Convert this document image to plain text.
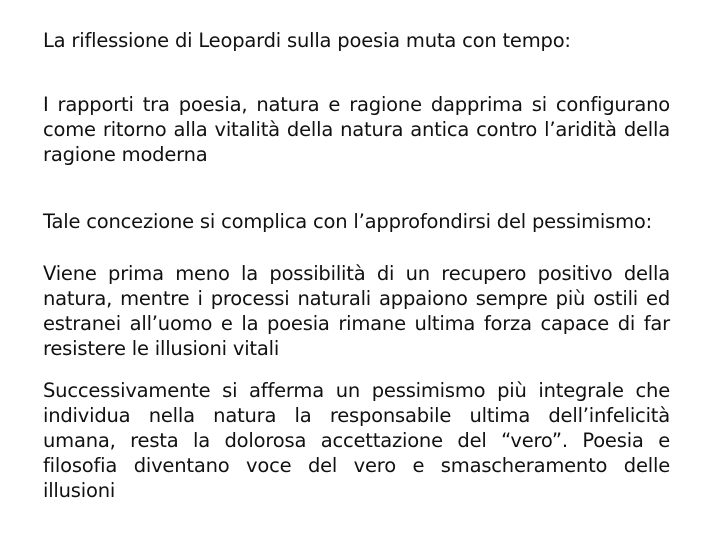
La riflessione di Leopardi sulla poesia muta con tempo:

I rapporti tra poesia, natura e ragione dapprima si configurano come ritorno alla vitalità della natura antica contro l’aridità della ragione moderna

Tale concezione si complica con l’approfondirsi del pessimismo:

Viene prima meno la possibilità di un recupero positivo della natura, mentre i processi naturali appaiono sempre più ostili ed estranei all’uomo e la poesia rimane ultima forza capace di far resistere le illusioni vitali

Successivamente si afferma un pessimismo più integrale che individua nella natura la responsabile ultima dell’infelicità umana, resta la dolorosa accettazione del “vero”. Poesia e filosofia diventano voce del vero e smascheramento delle illusioni
